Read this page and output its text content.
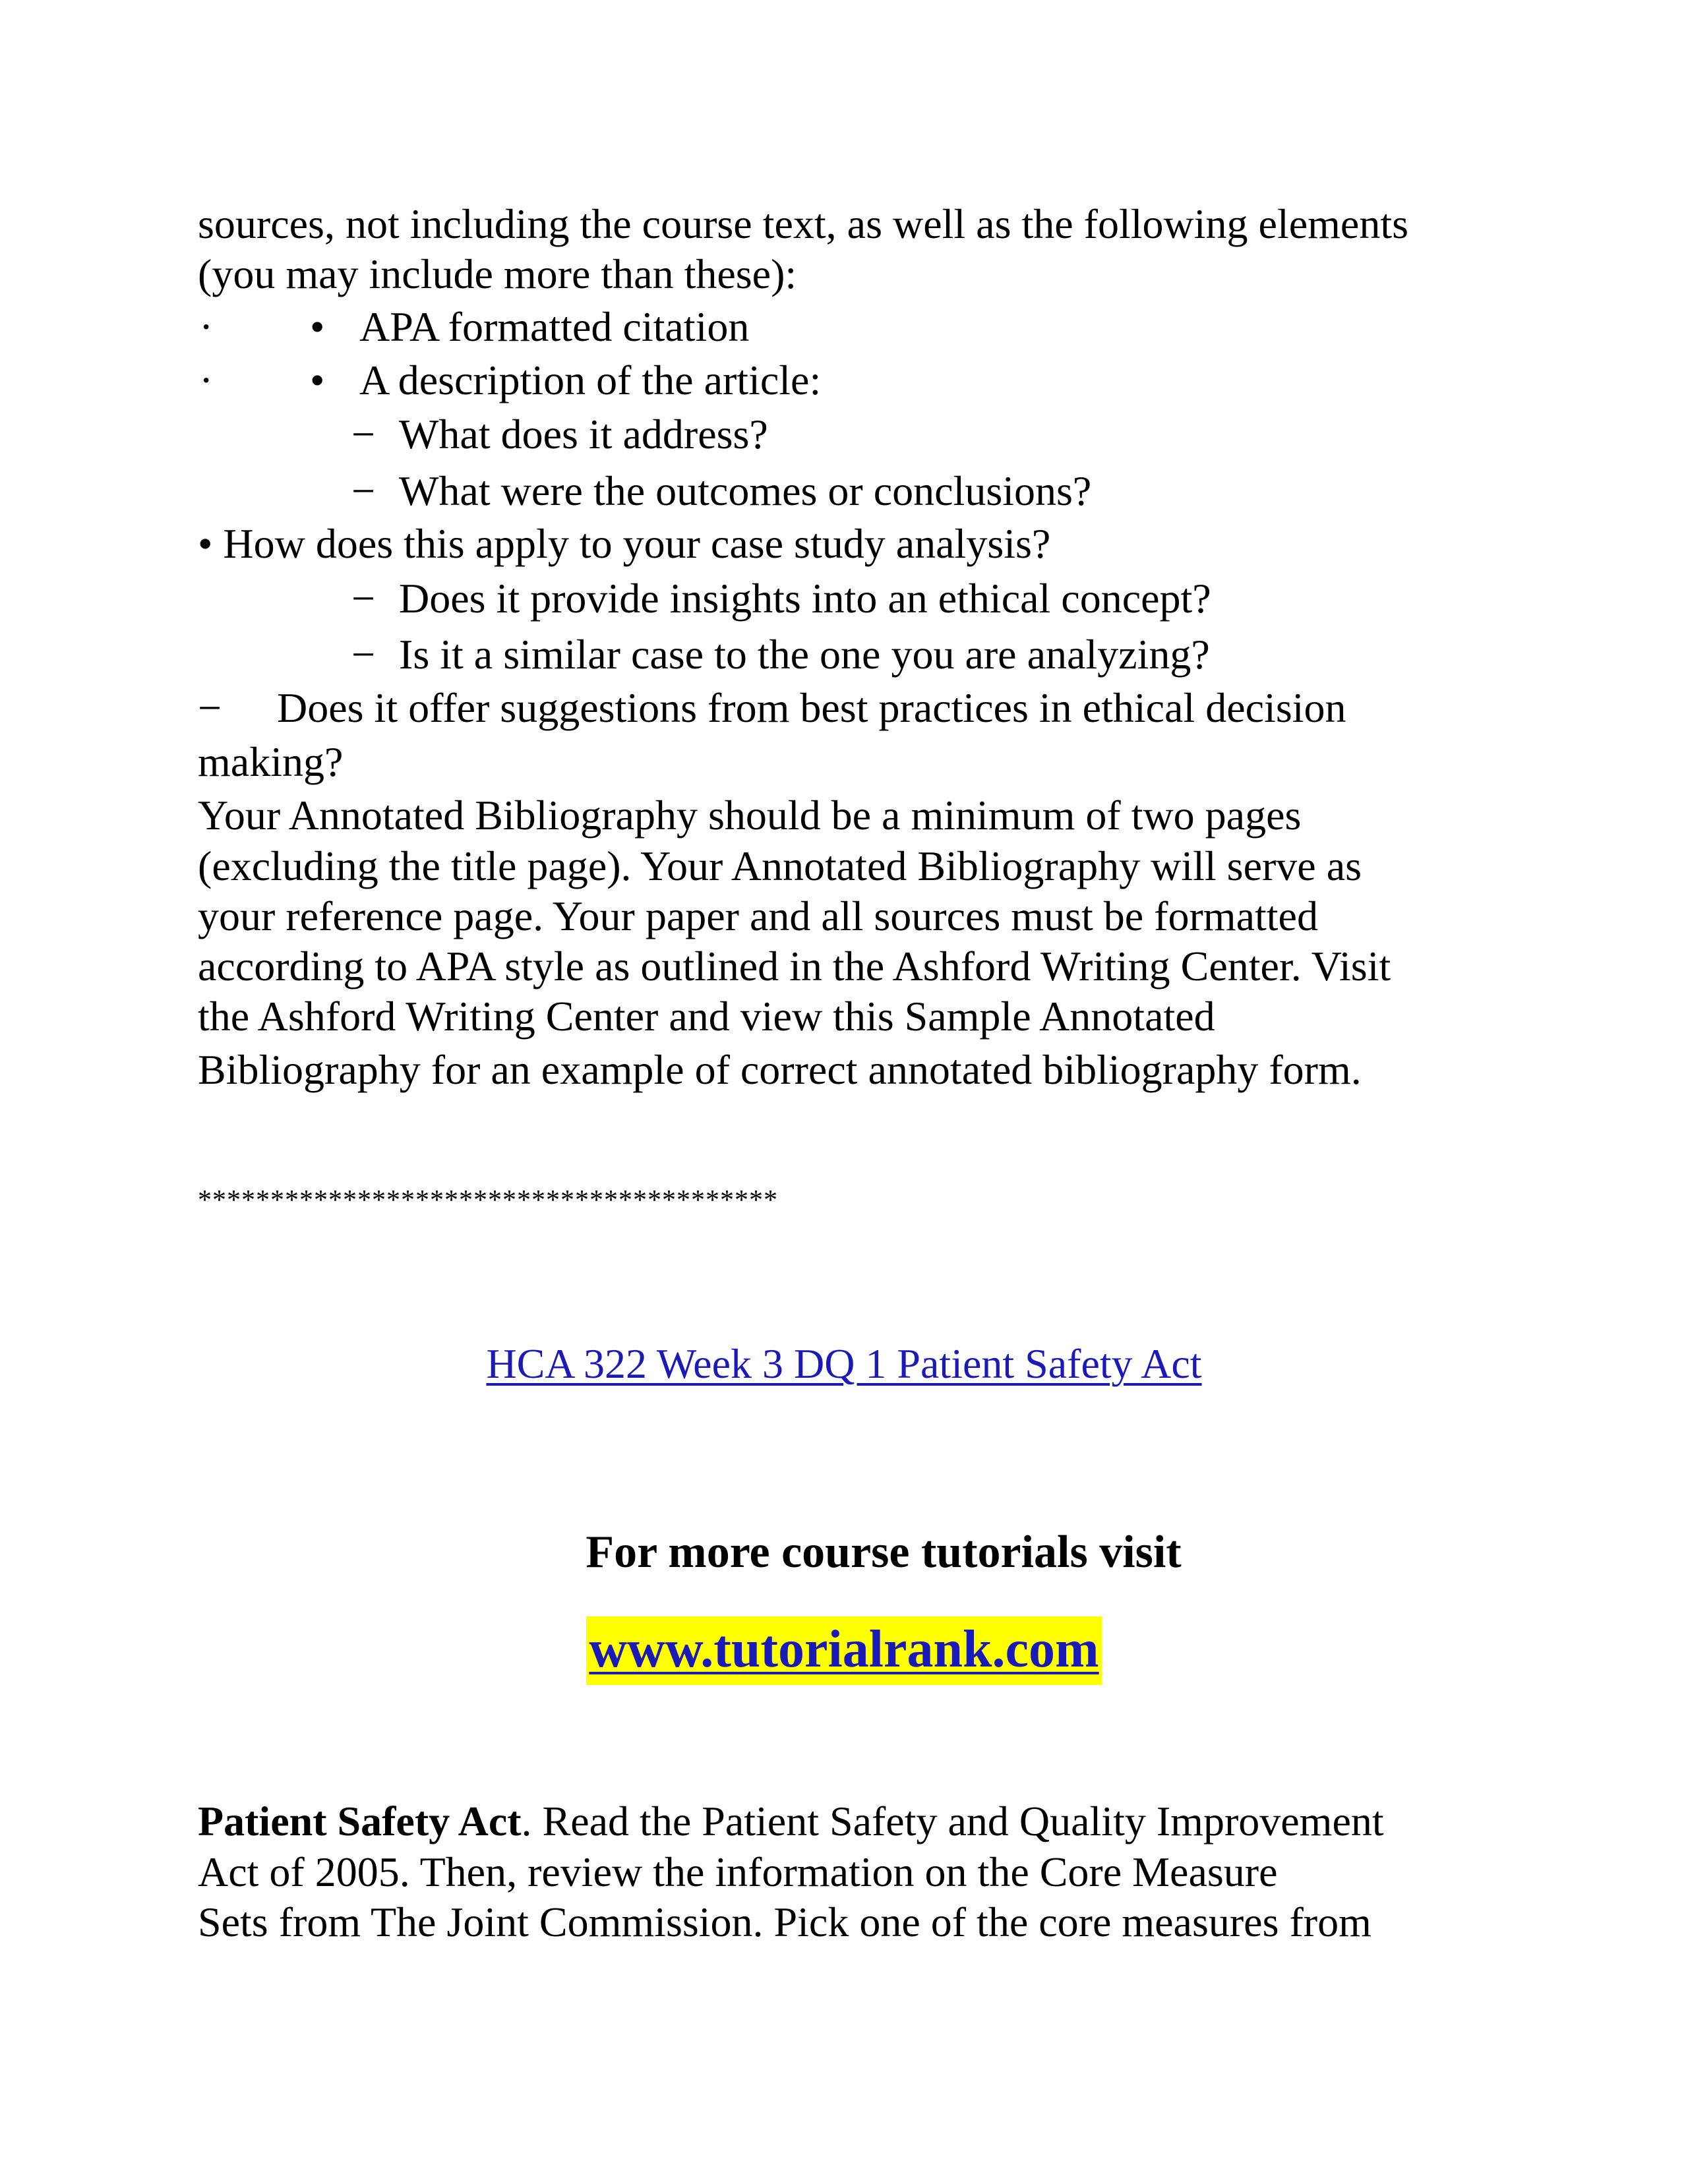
sources, not including the course text, as well as the following elements
(you may include more than these):
· • APA formatted citation
· • A description of the article:
− What does it address?
− What were the outcomes or conclusions?
• How does this apply to your case study analysis?
− Does it provide insights into an ethical concept?
− Is it a similar case to the one you are analyzing?
− Does it offer suggestions from best practices in ethical decision
making?
Your Annotated Bibliography should be a minimum of two pages
(excluding the title page). Your Annotated Bibliography will serve as
your reference page. Your paper and all sources must be formatted
according to APA style as outlined in the Ashford Writing Center. Visit
the Ashford Writing Center and view this Sample Annotated
Bibliography for an example of correct annotated bibliography form.
****************************************
HCA 322 Week 3 DQ 1 Patient Safety Act
For more course tutorials visit
www.tutorialrank.com
Patient Safety Act. Read the Patient Safety and Quality Improvement
Act of 2005. Then, review the information on the Core Measure
Sets from The Joint Commission. Pick one of the core measures from
